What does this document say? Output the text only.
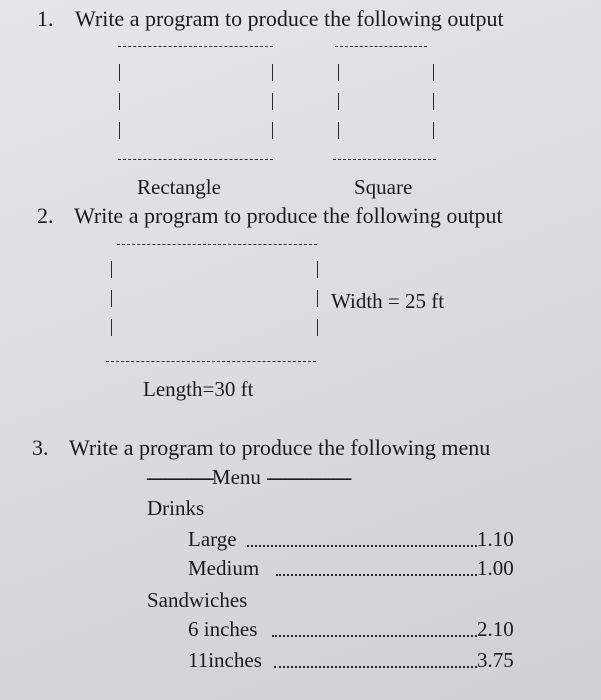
1. Write a program to produce the following output
Rectangle	Square
2. Write a program to produce the following output
Width = 25 ft
Length=30 ft
3. Write a program to produce the following menu
---------------Menu -------------------
Drinks
Large	1.10
Medium	1.00
Sandwiches
6 inches	2.10
11inches	3.75
